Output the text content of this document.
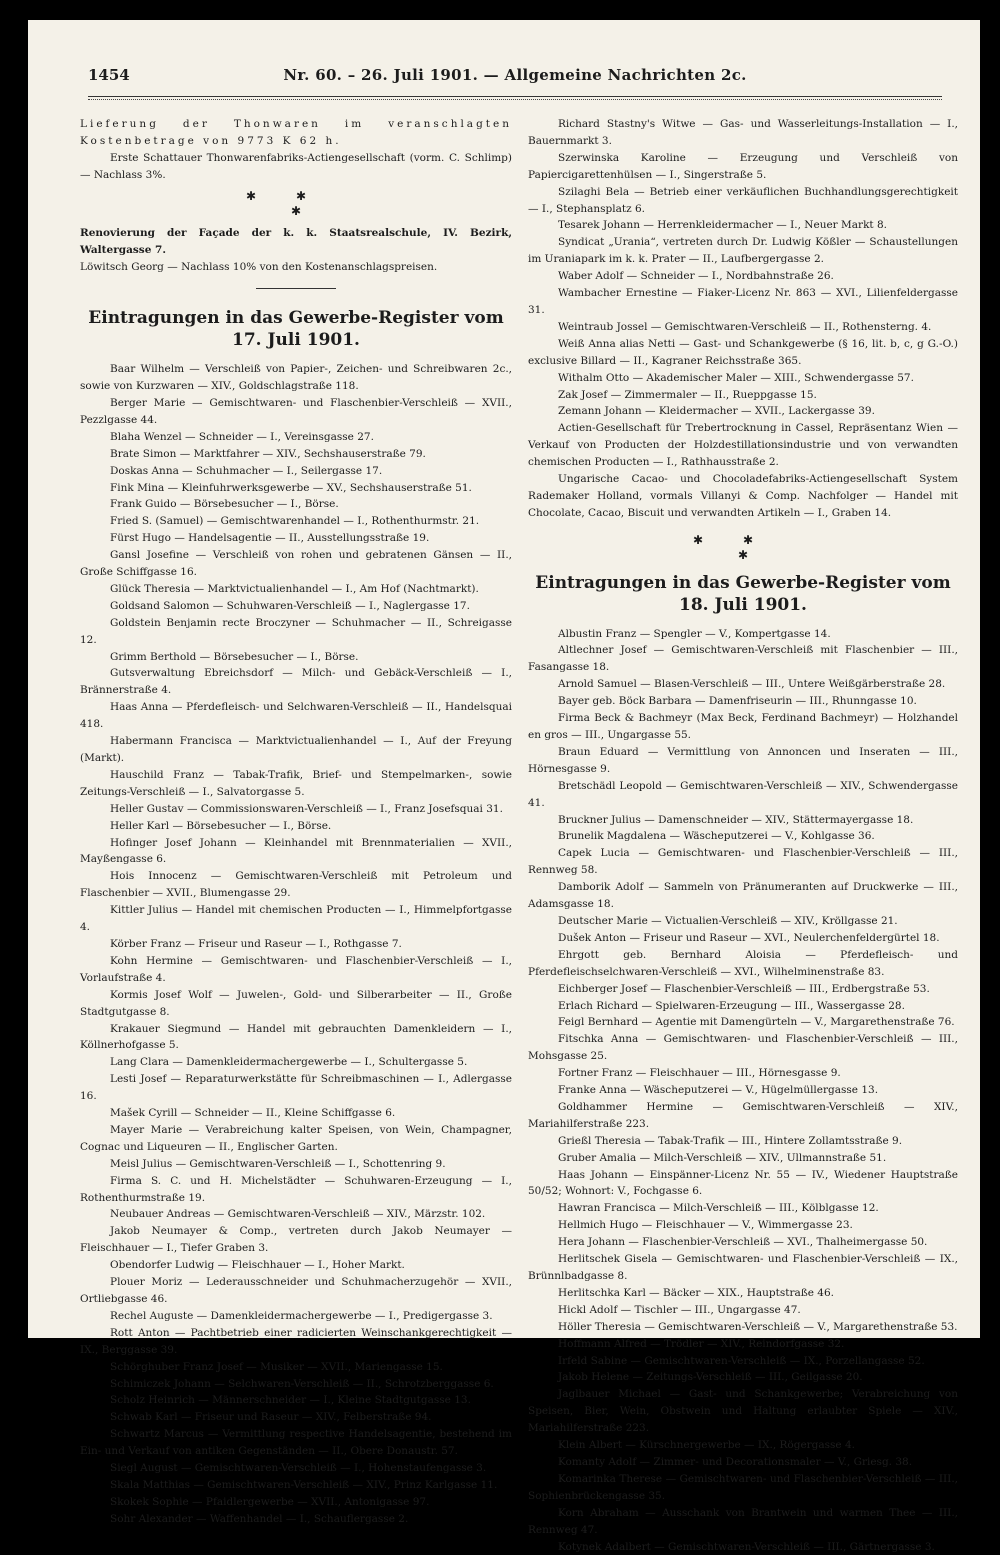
1454	Nr. 60. – 26. Juli 1901. — Allgemeine Nachrichten 2c.

Lieferung der Thonwaren im veranschlagten Kostenbetrage von 9773 K 62 h.

Erste Schattauer Thonwarenfabriks-Actiengesellschaft (vorm. C. Schlimp) — Nachlass 3%.

✱✱
✱

Renovierung der Façade der k. k. Staatsrealschule, IV. Bezirk, Waltergasse 7.

Löwitsch Georg — Nachlass 10% von den Kostenanschlagspreisen.

Eintragungen in das Gewerbe-Register vom 17. Juli 1901.

Baar Wilhelm — Verschleiß von Papier-, Zeichen- und Schreibwaren 2c., sowie von Kurzwaren — XIV., Goldschlagstraße 118.

Berger Marie — Gemischtwaren- und Flaschenbier-Verschleiß — XVII., Pezzlgasse 44.

Blaha Wenzel — Schneider — I., Vereinsgasse 27.

Brate Simon — Marktfahrer — XIV., Sechshauserstraße 79.

Doskas Anna — Schuhmacher — I., Seilergasse 17.

Fink Mina — Kleinfuhrwerksgewerbe — XV., Sechshauserstraße 51.

Frank Guido — Börsebesucher — I., Börse.

Fried S. (Samuel) — Gemischtwarenhandel — I., Rothenthurmstr. 21.

Fürst Hugo — Handelsagentie — II., Ausstellungsstraße 19.

Gansl Josefine — Verschleiß von rohen und gebratenen Gänsen — II., Große Schiffgasse 16.

Glück Theresia — Marktvictualienhandel — I., Am Hof (Nachtmarkt).

Goldsand Salomon — Schuhwaren-Verschleiß — I., Naglergasse 17.

Goldstein Benjamin recte Broczyner — Schuhmacher — II., Schreigasse 12.

Grimm Berthold — Börsebesucher — I., Börse.

Gutsverwaltung Ebreichsdorf — Milch- und Gebäck-Verschleiß — I., Brännerstraße 4.

Haas Anna — Pferdefleisch- und Selchwaren-Verschleiß — II., Handelsquai 418.

Habermann Francisca — Marktvictualienhandel — I., Auf der Freyung (Markt).

Hauschild Franz — Tabak-Trafik, Brief- und Stempelmarken-, sowie Zeitungs-Verschleiß — I., Salvatorgasse 5.

Heller Gustav — Commissionswaren-Verschleiß — I., Franz Josefsquai 31.

Heller Karl — Börsebesucher — I., Börse.

Hofinger Josef Johann — Kleinhandel mit Brennmaterialien — XVII., Mayßengasse 6.

Hois Innocenz — Gemischtwaren-Verschleiß mit Petroleum und Flaschenbier — XVII., Blumengasse 29.

Kittler Julius — Handel mit chemischen Producten — I., Himmelpfortgasse 4.

Körber Franz — Friseur und Raseur — I., Rothgasse 7.

Kohn Hermine — Gemischtwaren- und Flaschenbier-Verschleiß — I., Vorlaufstraße 4.

Kormis Josef Wolf — Juwelen-, Gold- und Silberarbeiter — II., Große Stadtgutgasse 8.

Krakauer Siegmund — Handel mit gebrauchten Damenkleidern — I., Köllnerhofgasse 5.

Lang Clara — Damenkleidermachergewerbe — I., Schultergasse 5.

Lesti Josef — Reparaturwerkstätte für Schreibmaschinen — I., Adlergasse 16.

Mašek Cyrill — Schneider — II., Kleine Schiffgasse 6.

Mayer Marie — Verabreichung kalter Speisen, von Wein, Champagner, Cognac und Liqueuren — II., Englischer Garten.

Meisl Julius — Gemischtwaren-Verschleiß — I., Schottenring 9.

Firma S. C. und H. Michelstädter — Schuhwaren-Erzeugung — I., Rothenthurmstraße 19.

Neubauer Andreas — Gemischtwaren-Verschleiß — XIV., Märzstr. 102.

Jakob Neumayer & Comp., vertreten durch Jakob Neumayer — Fleischhauer — I., Tiefer Graben 3.

Obendorfer Ludwig — Fleischhauer — I., Hoher Markt.

Plouer Moriz — Lederausschneider und Schuhmacherzugehör — XVII., Ortliebgasse 46.

Rechel Auguste — Damenkleidermachergewerbe — I., Predigergasse 3.

Rott Anton — Pachtbetrieb einer radicierten Weinschankgerechtigkeit — IX., Berggasse 39.

Schörghuber Franz Josef — Musiker — XVII., Mariengasse 15.

Schimiczek Johann — Selchwaren-Verschleiß — II., Schrotzberggasse 6.

Scholz Heinrich — Männerschneider — I., Kleine Stadtgutgasse 13.

Schwab Karl — Friseur und Raseur — XIV., Felberstraße 94.

Schwartz Marcus — Vermittlung respective Handelsagentie, bestehend im Ein- und Verkauf von antiken Gegenständen — II., Obere Donaustr. 57.

Siegl August — Gemischtwaren-Verschleiß — I., Hohenstaufengasse 3.

Skala Matthias — Gemischtwaren-Verschleiß — XIV., Prinz Karlgasse 11.

Skokek Sophie — Pfaidlergewerbe — XVII., Antonigasse 97.

Sohr Alexander — Waffenhandel — I., Schauflergasse 2.

Richard Stastny's Witwe — Gas- und Wasserleitungs-Installation — I., Bauernmarkt 3.

Szerwinska Karoline — Erzeugung und Verschleiß von Papiercigarettenhülsen — I., Singerstraße 5.

Szilaghi Bela — Betrieb einer verkäuflichen Buchhandlungsgerechtigkeit — I., Stephansplatz 6.

Tesarek Johann — Herrenkleidermacher — I., Neuer Markt 8.

Syndicat „Urania“, vertreten durch Dr. Ludwig Kößler — Schaustellungen im Uraniapark im k. k. Prater — II., Laufbergergasse 2.

Waber Adolf — Schneider — I., Nordbahnstraße 26.

Wambacher Ernestine — Fiaker-Licenz Nr. 863 — XVI., Lilienfeldergasse 31.

Weintraub Jossel — Gemischtwaren-Verschleiß — II., Rothensterng. 4.

Weiß Anna alias Netti — Gast- und Schankgewerbe (§ 16, lit. b, c, g G.-O.) exclusive Billard — II., Kagraner Reichsstraße 365.

Withalm Otto — Akademischer Maler — XIII., Schwendergasse 57.

Zak Josef — Zimmermaler — II., Rueppgasse 15.

Zemann Johann — Kleidermacher — XVII., Lackergasse 39.

Actien-Gesellschaft für Trebertrocknung in Cassel, Repräsentanz Wien — Verkauf von Producten der Holzdestillationsindustrie und von verwandten chemischen Producten — I., Rathhausstraße 2.

Ungarische Cacao- und Chocoladefabriks-Actiengesellschaft System Rademaker Holland, vormals Villanyi & Comp. Nachfolger — Handel mit Chocolate, Cacao, Biscuit und verwandten Artikeln — I., Graben 14.

✱✱
✱
Eintragungen in das Gewerbe-Register vom 18. Juli 1901.

Albustin Franz — Spengler — V., Kompertgasse 14.

Altlechner Josef — Gemischtwaren-Verschleiß mit Flaschenbier — III., Fasangasse 18.

Arnold Samuel — Blasen-Verschleiß — III., Untere Weißgärberstraße 28.

Bayer geb. Böck Barbara — Damenfriseurin — III., Rhunngasse 10.

Firma Beck & Bachmeyr (Max Beck, Ferdinand Bachmeyr) — Holzhandel en gros — III., Ungargasse 55.

Braun Eduard — Vermittlung von Annoncen und Inseraten — III., Hörnesgasse 9.

Bretschädl Leopold — Gemischtwaren-Verschleiß — XIV., Schwendergasse 41.

Bruckner Julius — Damenschneider — XIV., Stättermayergasse 18.

Brunelik Magdalena — Wäscheputzerei — V., Kohlgasse 36.

Capek Lucia — Gemischtwaren- und Flaschenbier-Verschleiß — III., Rennweg 58.

Damborik Adolf — Sammeln von Pränumeranten auf Druckwerke — III., Adamsgasse 18.

Deutscher Marie — Victualien-Verschleiß — XIV., Kröllgasse 21.

Dušek Anton — Friseur und Raseur — XVI., Neulerchenfeldergürtel 18.

Ehrgott geb. Bernhard Aloisia — Pferdefleisch- und Pferdefleischselchwaren-Verschleiß — XVI., Wilhelminenstraße 83.

Eichberger Josef — Flaschenbier-Verschleiß — III., Erdbergstraße 53.

Erlach Richard — Spielwaren-Erzeugung — III., Wassergasse 28.

Feigl Bernhard — Agentie mit Damengürteln — V., Margarethenstraße 76.

Fitschka Anna — Gemischtwaren- und Flaschenbier-Verschleiß — III., Mohsgasse 25.

Fortner Franz — Fleischhauer — III., Hörnesgasse 9.

Franke Anna — Wäscheputzerei — V., Hügelmüllergasse 13.

Goldhammer Hermine — Gemischtwaren-Verschleiß — XIV., Mariahilferstraße 223.

Grießl Theresia — Tabak-Trafik — III., Hintere Zollamtsstraße 9.

Gruber Amalia — Milch-Verschleiß — XIV., Ullmannstraße 51.

Haas Johann — Einspänner-Licenz Nr. 55 — IV., Wiedener Hauptstraße 50/52; Wohnort: V., Fochgasse 6.

Hawran Francisca — Milch-Verschleiß — III., Kölblgasse 12.

Hellmich Hugo — Fleischhauer — V., Wimmergasse 23.

Hera Johann — Flaschenbier-Verschleiß — XVI., Thalheimergasse 50.

Herlitschek Gisela — Gemischtwaren- und Flaschenbier-Verschleiß — IX., Brünnlbadgasse 8.

Herlitschka Karl — Bäcker — XIX., Hauptstraße 46.

Hickl Adolf — Tischler — III., Ungargasse 47.

Höller Theresia — Gemischtwaren-Verschleiß — V., Margarethenstraße 53.

Hoffmann Alfred — Trödler — XIV., Reindorfgasse 32.

Irfeld Sabine — Gemischtwaren-Verschleiß — IX., Porzellangasse 52.

Jakob Helene — Zeitungs-Verschleiß — III., Geilgasse 20.

Jaglbauer Michael — Gast- und Schankgewerbe; Verabreichung von Speisen, Bier, Wein, Obstwein und Haltung erlaubter Spiele — XIV., Mariahilferstraße 223.

Klein Albert — Kürschnergewerbe — IX., Rögergasse 4.

Komanty Adolf — Zimmer- und Decorationsmaler — V., Griesg. 38.

Komarinka Therese — Gemischtwaren- und Flaschenbier-Verschleiß — III., Sophienbrückengasse 35.

Korn Abraham — Ausschank von Brantwein und warmen Thee — III., Rennweg 47.

Kotynek Adalbert — Gemischtwaren-Verschleiß — III., Gärtnergasse 3.
